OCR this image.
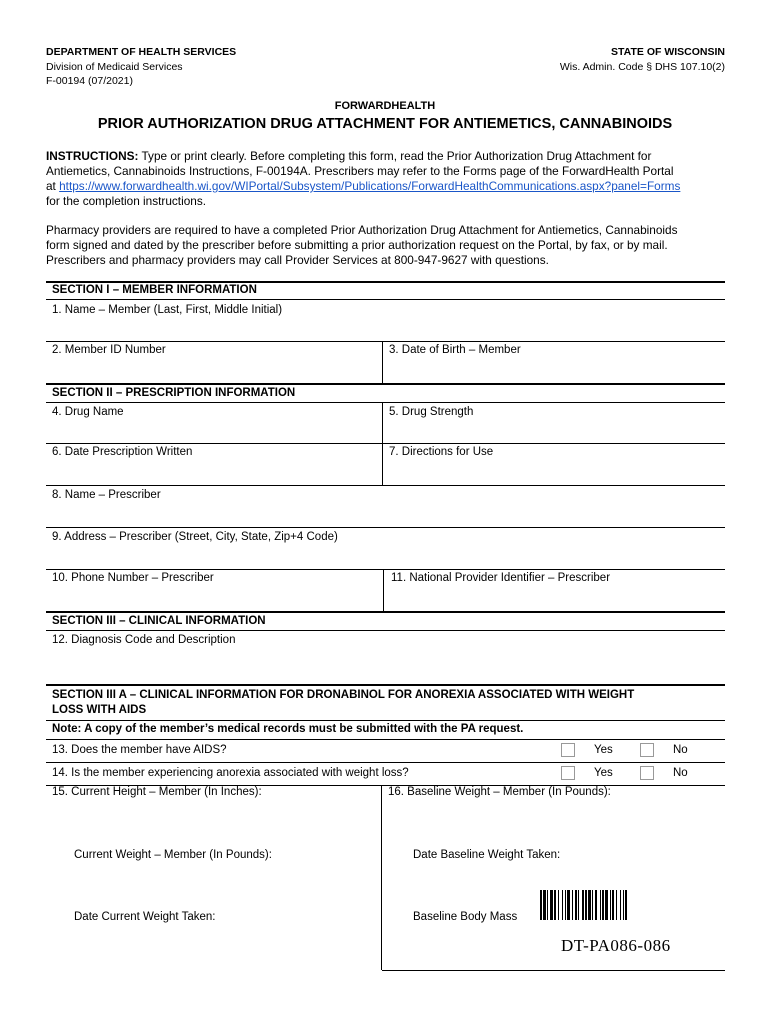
DEPARTMENT OF HEALTH SERVICES
Division of Medicaid Services
F-00194 (07/2021)
STATE OF WISCONSIN
Wis. Admin. Code § DHS 107.10(2)
FORWARDHEALTH
PRIOR AUTHORIZATION DRUG ATTACHMENT FOR ANTIEMETICS, CANNABINOIDS
INSTRUCTIONS: Type or print clearly. Before completing this form, read the Prior Authorization Drug Attachment for
Antiemetics, Cannabinoids Instructions, F-00194A. Prescribers may refer to the Forms page of the ForwardHealth Portal
at https://www.forwardhealth.wi.gov/WIPortal/Subsystem/Publications/ForwardHealthCommunications.aspx?panel=Forms
for the completion instructions.
Pharmacy providers are required to have a completed Prior Authorization Drug Attachment for Antiemetics, Cannabinoids
form signed and dated by the prescriber before submitting a prior authorization request on the Portal, by fax, or by mail.
Prescribers and pharmacy providers may call Provider Services at 800-947-9627 with questions.
SECTION I – MEMBER INFORMATION
1. Name – Member (Last, First, Middle Initial)
2. Member ID Number	3. Date of Birth – Member
SECTION II – PRESCRIPTION INFORMATION
4. Drug Name	5. Drug Strength
6. Date Prescription Written	7. Directions for Use
8. Name – Prescriber
9. Address – Prescriber (Street, City, State, Zip+4 Code)
10. Phone Number – Prescriber	11. National Provider Identifier – Prescriber
SECTION III – CLINICAL INFORMATION
12. Diagnosis Code and Description
SECTION III A – CLINICAL INFORMATION FOR DRONABINOL FOR ANOREXIA ASSOCIATED WITH WEIGHT
LOSS WITH AIDS
Note: A copy of the member’s medical records must be submitted with the PA request.
13. Does the member have AIDS?	Yes	No
14. Is the member experiencing anorexia associated with weight loss?	Yes	No
15. Current Height – Member (In Inches):	16. Baseline Weight – Member (In Pounds):
Current Weight – Member (In Pounds):	Date Baseline Weight Taken:
Date Current Weight Taken:	Baseline Body Mass
DT-PA086-086
